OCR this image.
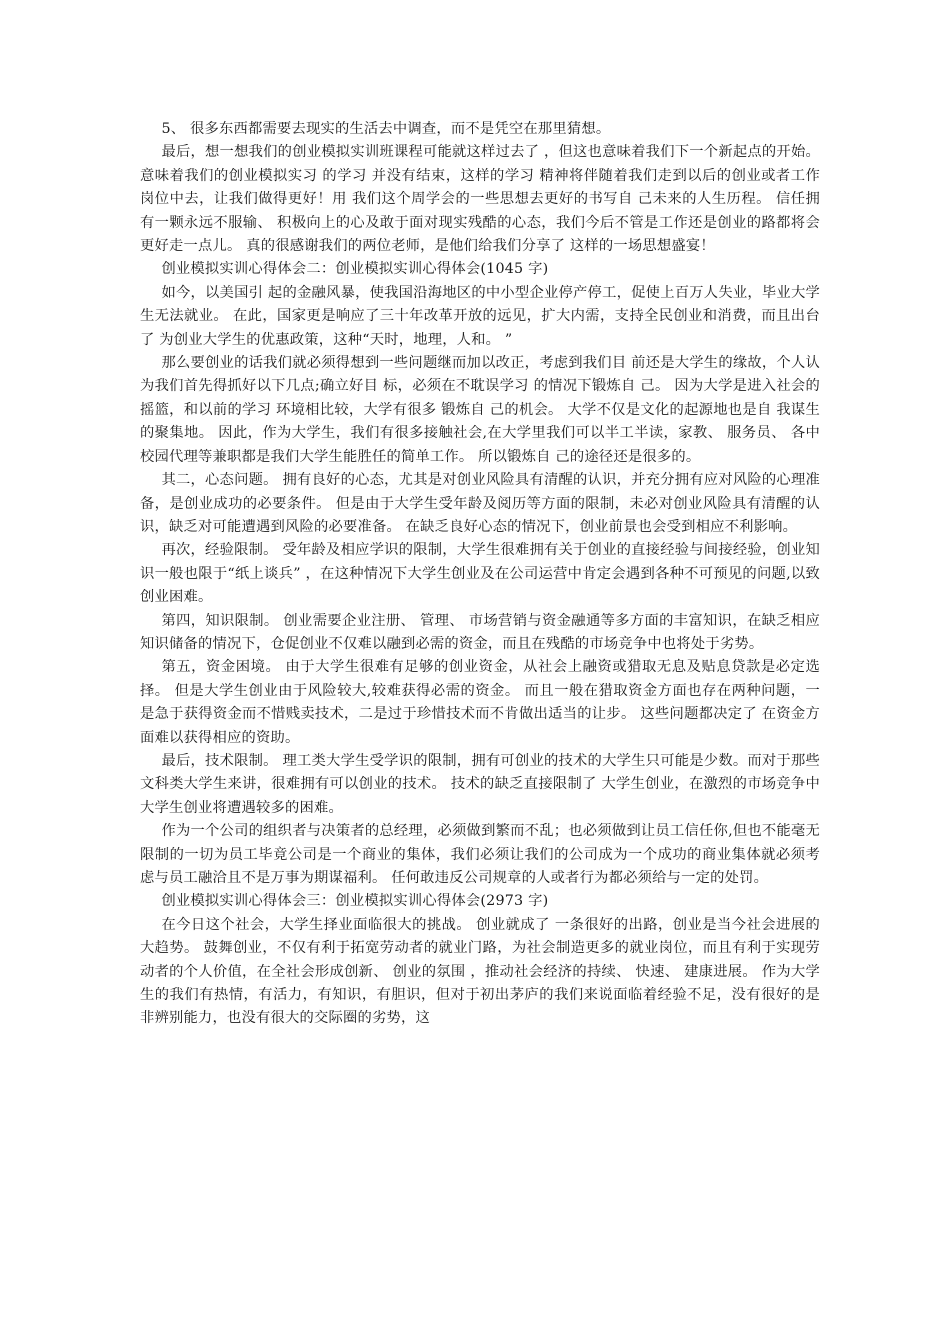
5、 很多东西都需要去现实的生活去中调查，而不是凭空在那里猜想。

最后，想一想我们的创业模拟实训班课程可能就这样过去了 ，但这也意味着我们下一个新起点的开始。 意味着我们的创业模拟实习 的学习 并没有结束，这样的学习 精神将伴随着我们走到以后的创业或者工作岗位中去，让我们做得更好！用 我们这个周学会的一些思想去更好的书写自 己未来的人生历程。 信任拥有一颗永远不服输、 积极向上的心及敢于面对现实残酷的心态，我们今后不管是工作还是创业的路都将会更好走一点儿。 真的很感谢我们的两位老师，是他们给我们分享了 这样的一场思想盛宴！

创业模拟实训心得体会二：创业模拟实训心得体会(1045 字)

如今，以美国引 起的金融风暴，使我国沿海地区的中小型企业停产停工，促使上百万人失业，毕业大学生无法就业。 在此，国家更是响应了三十年改革开放的远见，扩大内需，支持全民创业和消费，而且出台了 为创业大学生的优惠政策，这种“天时，地理，人和。 ”

那么要创业的话我们就必须得想到一些问题继而加以改正，考虑到我们目 前还是大学生的缘故，个人认为我们首先得抓好以下几点;确立好目 标，必须在不耽误学习 的情况下锻炼自 己。 因为大学是进入社会的摇篮，和以前的学习 环境相比较，大学有很多 锻炼自 己的机会。 大学不仅是文化的起源地也是自 我谋生的聚集地。 因此，作为大学生，我们有很多接触社会,在大学里我们可以半工半读，家教、 服务员、 各中校园代理等兼职都是我们大学生能胜任的简单工作。 所以锻炼自 己的途径还是很多的。

其二，心态问题。 拥有良好的心态，尤其是对创业风险具有清醒的认识，并充分拥有应对风险的心理准备，是创业成功的必要条件。 但是由于大学生受年龄及阅历等方面的限制，未必对创业风险具有清醒的认识，缺乏对可能遭遇到风险的必要准备。 在缺乏良好心态的情况下，创业前景也会受到相应不利影响。

再次，经验限制。 受年龄及相应学识的限制，大学生很难拥有关于创业的直接经验与间接经验，创业知识一般也限于“纸上谈兵” ，在这种情况下大学生创业及在公司运营中肯定会遇到各种不可预见的问题,以致创业困难。

第四，知识限制。 创业需要企业注册、 管理、 市场营销与资金融通等多方面的丰富知识，在缺乏相应知识储备的情况下，仓促创业不仅难以融到必需的资金，而且在残酷的市场竞争中也将处于劣势。

第五，资金困境。 由于大学生很难有足够的创业资金，从社会上融资或猎取无息及贴息贷款是必定选择。 但是大学生创业由于风险较大,较难获得必需的资金。 而且一般在猎取资金方面也存在两种问题，一是急于获得资金而不惜贱卖技术，二是过于珍惜技术而不肯做出适当的让步。 这些问题都决定了 在资金方面难以获得相应的资助。

最后，技术限制。 理工类大学生受学识的限制，拥有可创业的技术的大学生只可能是少数。而对于那些文科类大学生来讲，很难拥有可以创业的技术。 技术的缺乏直接限制了 大学生创业，在激烈的市场竞争中大学生创业将遭遇较多的困难。

作为一个公司的组织者与决策者的总经理，必须做到繁而不乱；也必须做到让员工信任你,但也不能毫无限制的一切为员工毕竟公司是一个商业的集体，我们必须让我们的公司成为一个成功的商业集体就必须考虑与员工融洽且不是万事为期谋福利。 任何敢违反公司规章的人或者行为都必须给与一定的处罚。

创业模拟实训心得体会三：创业模拟实训心得体会(2973 字)

在今日这个社会，大学生择业面临很大的挑战。 创业就成了 一条很好的出路，创业是当今社会进展的大趋势。 鼓舞创业，不仅有利于拓宽劳动者的就业门路，为社会制造更多的就业岗位，而且有利于实现劳动者的个人价值，在全社会形成创新、 创业的氛围 ，推动社会经济的持续、 快速、 建康进展。 作为大学生的我们有热情，有活力，有知识，有胆识，但对于初出茅庐的我们来说面临着经验不足，没有很好的是非辨别能力，也没有很大的交际圈的劣势，这
